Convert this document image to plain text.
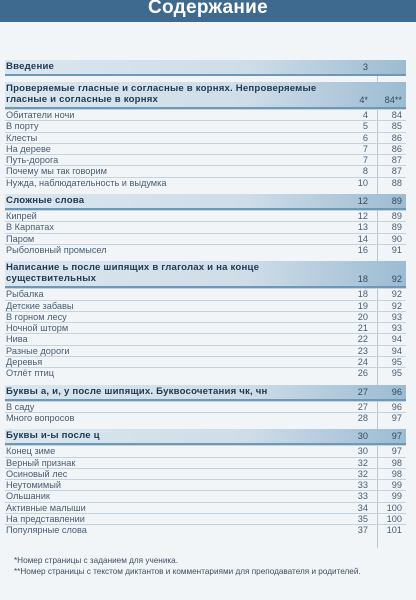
Содержание
Введение	3
Проверяемые гласные и согласные в корнях. Непроверяемые гласные и согласные в корнях	4* 84**
Обитатели ночи	4	84
В порту	5	85
Клесты	6	86
На дереве	7	86
Путь-дорога	7	87
Почему мы так говорим	8	87
Нужда, наблюдательность и выдумка	10	88
Сложные слова	12	89
Кипрей	12	89
В Карпатах	13	89
Паром	14	90
Рыболовный промысел	16	91
Написание ь после шипящих в глаголах и на конце существительных	18	92
Рыбалка	18	92
Детские забавы	19	92
В горном лесу	20	93
Ночной шторм	21	93
Нива	22	94
Разные дороги	23	94
Деревья	24	95
Отлёт птиц	26	95
Буквы а, и, у после шипящих. Буквосочетания чк, чн	27	96
В саду	27	96
Много вопросов	28	97
Буквы и-ы после ц	30	97
Конец зиме	30	97
Верный признак	32	98
Осиновый лес	32	98
Неутомимый	33	99
Ольшаник	33	99
Активные малыши	34 100
На представлении	35 100
Популярные слова	37 101
*Номер страницы с заданием для ученика.
**Номер страницы с текстом диктантов и комментариями для преподавателя и родителей.
